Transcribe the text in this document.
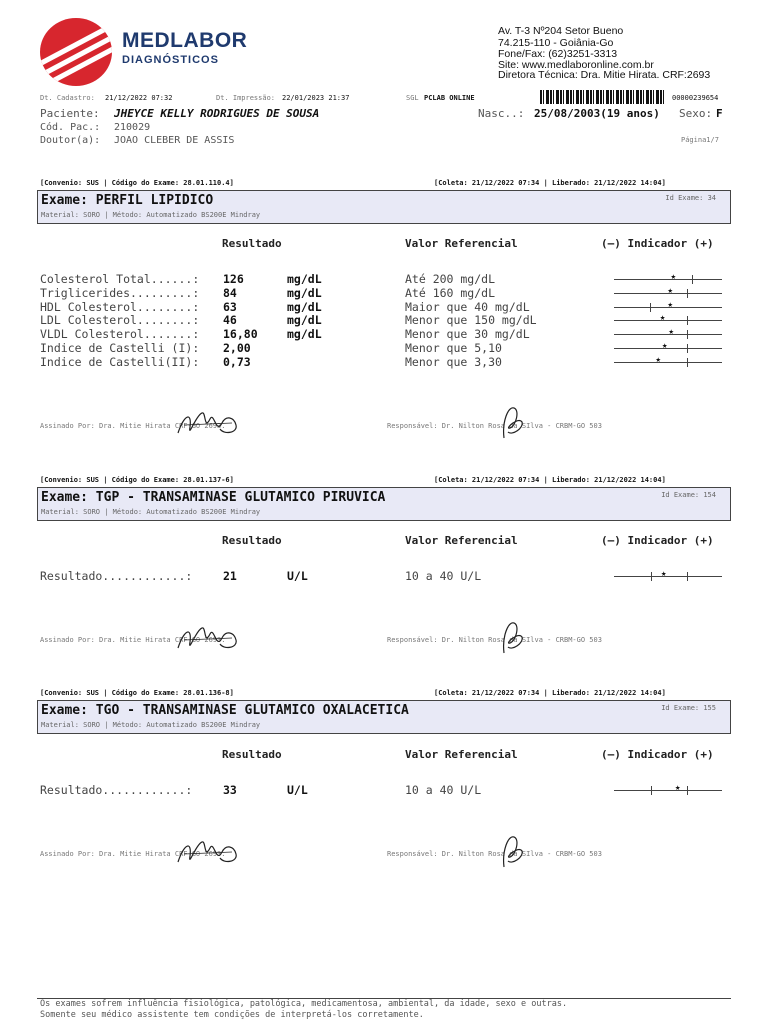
MEDLABOR
DIAGNÓSTICOS
Av. T-3 Nº204 Setor Bueno
74.215-110 - Goiânia-Go
Fone/Fax: (62)3251-3313
Site: www.medlaboronline.com.br
Diretora Técnica: Dra. Mitie Hirata. CRF:2693
Dt. Cadastro: 21/12/2022 07:32	Dt. Impressão: 22/01/2023 21:37	SGL PCLAB ONLINE	00000239654
Paciente: JHEYCE KELLY RODRIGUES DE SOUSA	Nasc..: 25/08/2003(19 anos) Sexo: F
Cód. Pac.: 210029
Doutor(a): JOAO CLEBER DE ASSIS	Página1/7
[Convenio: SUS | Código do Exame: 28.01.110.4]	[Coleta: 21/12/2022 07:34 | Liberado: 21/12/2022 14:04]
Exame: PERFIL LIPIDICO
Material: SORO | Método: Automatizado BS200E Mindray
Id Exame: 34
Resultado	Valor Referencial	(–) Indicador (+)
Colesterol Total......: 126	mg/dL	Até 200 mg/dL	★
Triglicerides.........: 84	mg/dL	Até 160 mg/dL	★
HDL Colesterol........: 63	mg/dL	Maior que 40 mg/dL	★
LDL Colesterol........: 46	mg/dL	Menor que 150 mg/dL	★
VLDL Colesterol.......: 16,80	mg/dL	Menor que 30 mg/dL	★
Indice de Castelli (I): 2,00	Menor que 5,10	★
Indice de Castelli(II): 0,73	Menor que 3,30	★
Assinado Por: Dra. Mitie Hirata CRF-GO 2693.	Responsável: Dr. Nilton Rosa da SIlva - CRBM-GO 503
[Convenio: SUS | Código do Exame: 28.01.137-6]	[Coleta: 21/12/2022 07:34 | Liberado: 21/12/2022 14:04]
Exame: TGP - TRANSAMINASE GLUTAMICO PIRUVICA
Material: SORO | Método: Automatizado BS200E Mindray
Id Exame: 154
Resultado	Valor Referencial	(–) Indicador (+)
Resultado............:	21	U/L	10 a 40 U/L	★
Assinado Por: Dra. Mitie Hirata CRF-GO 2693.	Responsável: Dr. Nilton Rosa da SIlva - CRBM-GO 503
[Convenio: SUS | Código do Exame: 28.01.136-8]	[Coleta: 21/12/2022 07:34 | Liberado: 21/12/2022 14:04]
Exame: TGO - TRANSAMINASE GLUTAMICO OXALACETICA
Material: SORO | Método: Automatizado BS200E Mindray
Id Exame: 155
Resultado	Valor Referencial	(–) Indicador (+)
Resultado............:	33	U/L	10 a 40 U/L	★
Assinado Por: Dra. Mitie Hirata CRF-GO 2693.	Responsável: Dr. Nilton Rosa da SIlva - CRBM-GO 503
Os exames sofrem influência fisiológica, patológica, medicamentosa, ambiental, da idade, sexo e outras.
Somente seu médico assistente tem condições de interpretá-los corretamente.
